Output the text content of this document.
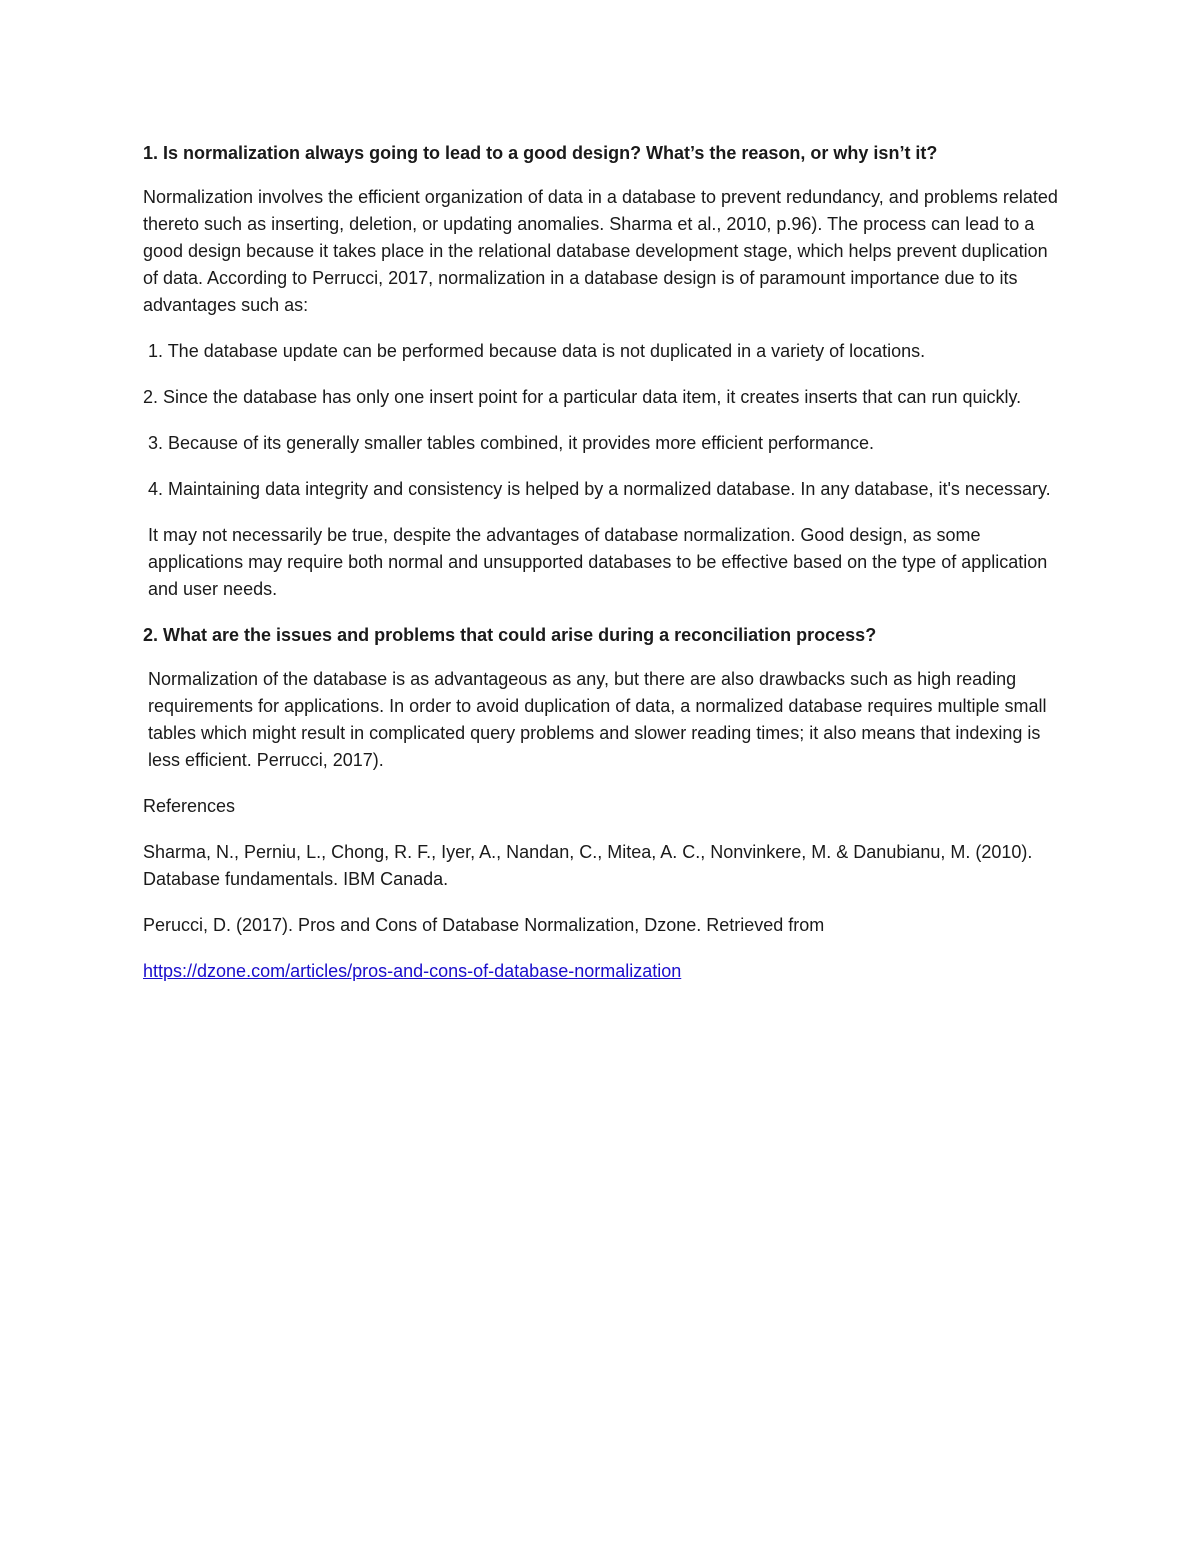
1. Is normalization always going to lead to a good design? What’s the reason, or why isn’t it?

Normalization involves the efficient organization of data in a database to prevent redundancy, and problems related thereto such as inserting, deletion, or updating anomalies. Sharma et al., 2010, p.96). The process can lead to a good design because it takes place in the relational database development stage, which helps prevent duplication of data. According to Perrucci, 2017, normalization in a database design is of paramount importance due to its advantages such as:

1. The database update can be performed because data is not duplicated in a variety of locations.

2. Since the database has only one insert point for a particular data item, it creates inserts that can run quickly.

3. Because of its generally smaller tables combined, it provides more efficient performance.

4. Maintaining data integrity and consistency is helped by a normalized database. In any database, it's necessary.

It may not necessarily be true, despite the advantages of database normalization. Good design, as some applications may require both normal and unsupported databases to be effective based on the type of application and user needs.

2. What are the issues and problems that could arise during a reconciliation process?

Normalization of the database is as advantageous as any, but there are also drawbacks such as high reading requirements for applications. In order to avoid duplication of data, a normalized database requires multiple small tables which might result in complicated query problems and slower reading times; it also means that indexing is less efficient. Perrucci, 2017).

References

Sharma, N., Perniu, L., Chong, R. F., Iyer, A., Nandan, C., Mitea, A. C., Nonvinkere, M. & Danubianu, M. (2010). Database fundamentals. IBM Canada.

Perucci, D. (2017). Pros and Cons of Database Normalization, Dzone. Retrieved from

https://dzone.com/articles/pros-and-cons-of-database-normalization
